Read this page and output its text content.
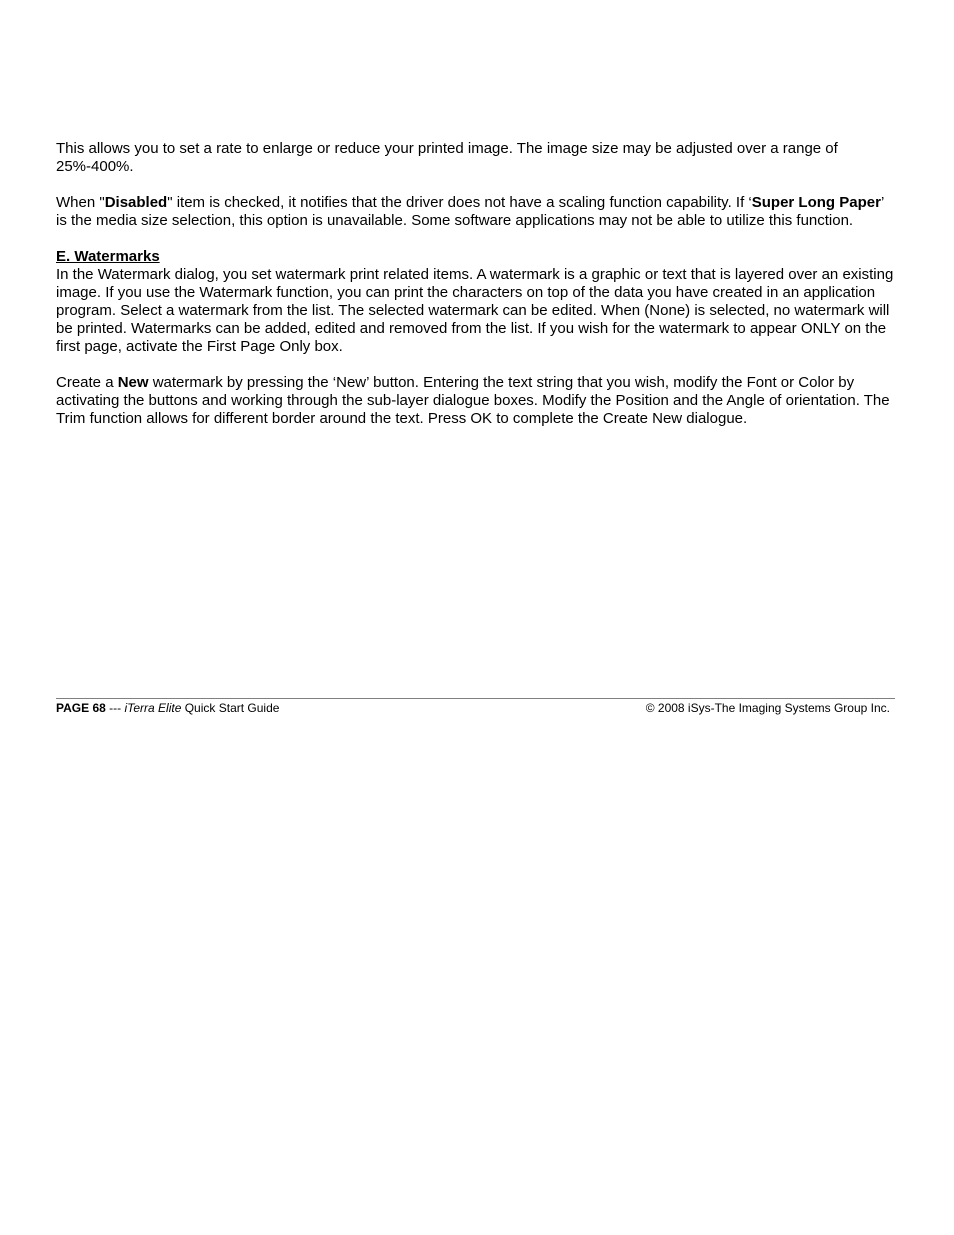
This allows you to set a rate to enlarge or reduce your printed image. The image size may be adjusted over a range of 25%-400%.

When "Disabled" item is checked, it notifies that the driver does not have a scaling function capability. If ‘Super Long Paper’ is the media size selection, this option is unavailable. Some software applications may not be able to utilize this function.

E. Watermarks

In the Watermark dialog, you set watermark print related items. A watermark is a graphic or text that is layered over an existing image. If you use the Watermark function, you can print the characters on top of the data you have created in an application program. Select a watermark from the list. The selected watermark can be edited. When (None) is selected, no watermark will be printed. Watermarks can be added, edited and removed from the list. If you wish for the watermark to appear ONLY on the first page, activate the First Page Only box.

Create a New watermark by pressing the ‘New’ button. Entering the text string that you wish, modify the Font or Color by activating the buttons and working through the sub-layer dialogue boxes. Modify the Position and the Angle of orientation. The Trim function allows for different border around the text. Press OK to complete the Create New dialogue.

PAGE 68 --- iTerra Elite Quick Start Guide	© 2008 iSys-The Imaging Systems Group Inc.
